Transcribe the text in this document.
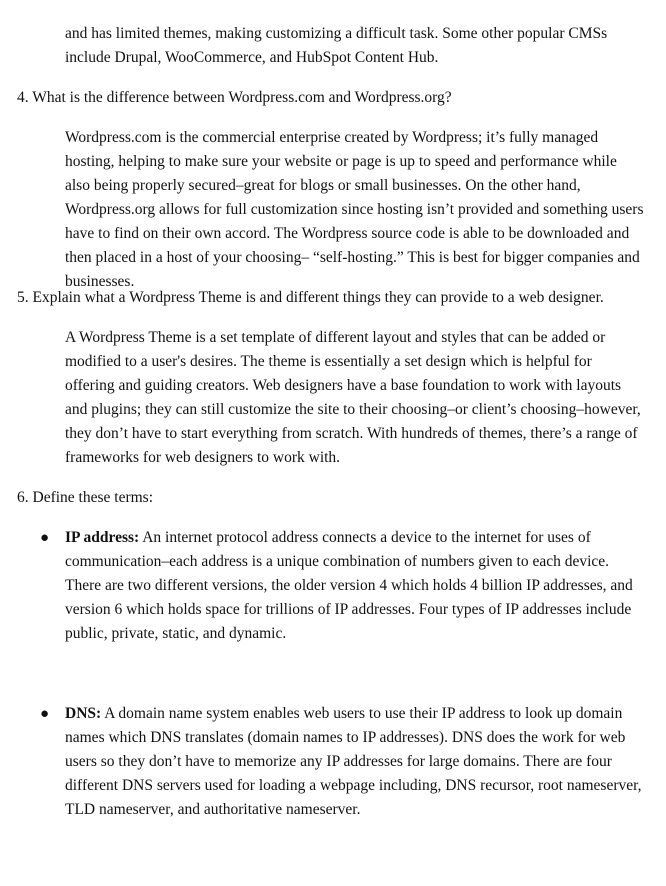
and has limited themes, making customizing a difficult task. Some other popular CMSs include Drupal, WooCommerce, and HubSpot Content Hub.

4. What is the difference between Wordpress.com and Wordpress.org?

Wordpress.com is the commercial enterprise created by Wordpress; it’s fully managed hosting, helping to make sure your website or page is up to speed and performance while also being properly secured–great for blogs or small businesses. On the other hand, Wordpress.org allows for full customization since hosting isn’t provided and something users have to find on their own accord. The Wordpress source code is able to be downloaded and then placed in a host of your choosing– “self-hosting.” This is best for bigger companies and businesses.

5. Explain what a Wordpress Theme is and different things they can provide to a web designer.

A Wordpress Theme is a set template of different layout and styles that can be added or modified to a user's desires. The theme is essentially a set design which is helpful for offering and guiding creators. Web designers have a base foundation to work with layouts and plugins; they can still customize the site to their choosing–or client’s choosing–however, they don’t have to start everything from scratch. With hundreds of themes, there’s a range of frameworks for web designers to work with.

6. Define these terms:

●	IP address: An internet protocol address connects a device to the internet for uses of communication–each address is a unique combination of numbers given to each device. There are two different versions, the older version 4 which holds 4 billion IP addresses, and version 6 which holds space for trillions of IP addresses. Four types of IP addresses include public, private, static, and dynamic.

●	DNS: A domain name system enables web users to use their IP address to look up domain names which DNS translates (domain names to IP addresses). DNS does the work for web users so they don’t have to memorize any IP addresses for large domains. There are four different DNS servers used for loading a webpage including, DNS recursor, root nameserver, TLD nameserver, and authoritative nameserver.
